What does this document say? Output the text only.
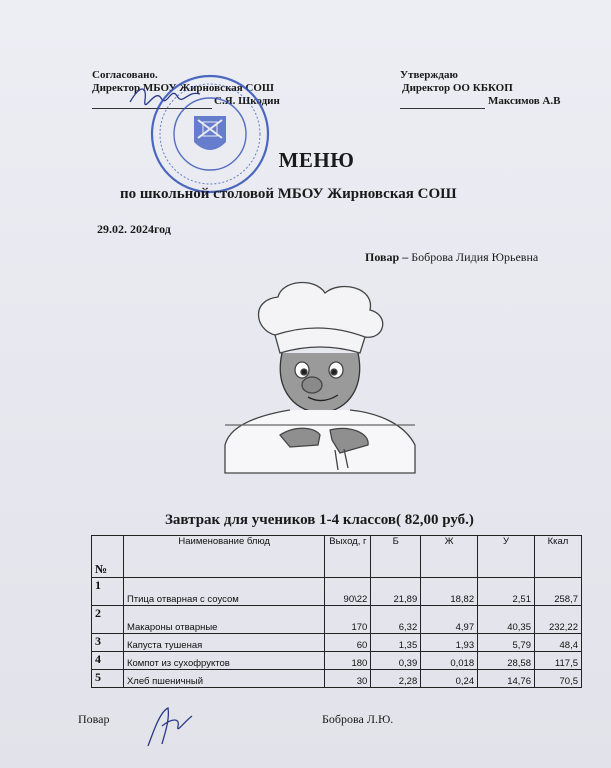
Согласовано.
Директор МБОУ Жирновская СОШ
С.Я. Шкодин
Утверждаю
Директор ОО КБКОП
Максимов А.В
МЕНЮ
по школьной столовой МБОУ Жирновская СОШ
29.02. 2024год
Повар – Боброва Лидия Юрьевна
Завтрак для учеников 1-4 классов( 82,00 руб.)
№	Наименование блюд	Выход, г	Б	Ж	У	Ккал
1	Птица отварная с соусом	90\22	21,89	18,82	2,51	258,7
2	Макароны отварные	170	6,32	4,97	40,35	232,22
3	Капуста тушеная	60	1,35	1,93	5,79	48,4
4	Компот из сухофруктов	180	0,39	0,018	28,58	117,5
5	Хлеб пшеничный	30	2,28	0,24	14,76	70,5
Повар	Боброва Л.Ю.
